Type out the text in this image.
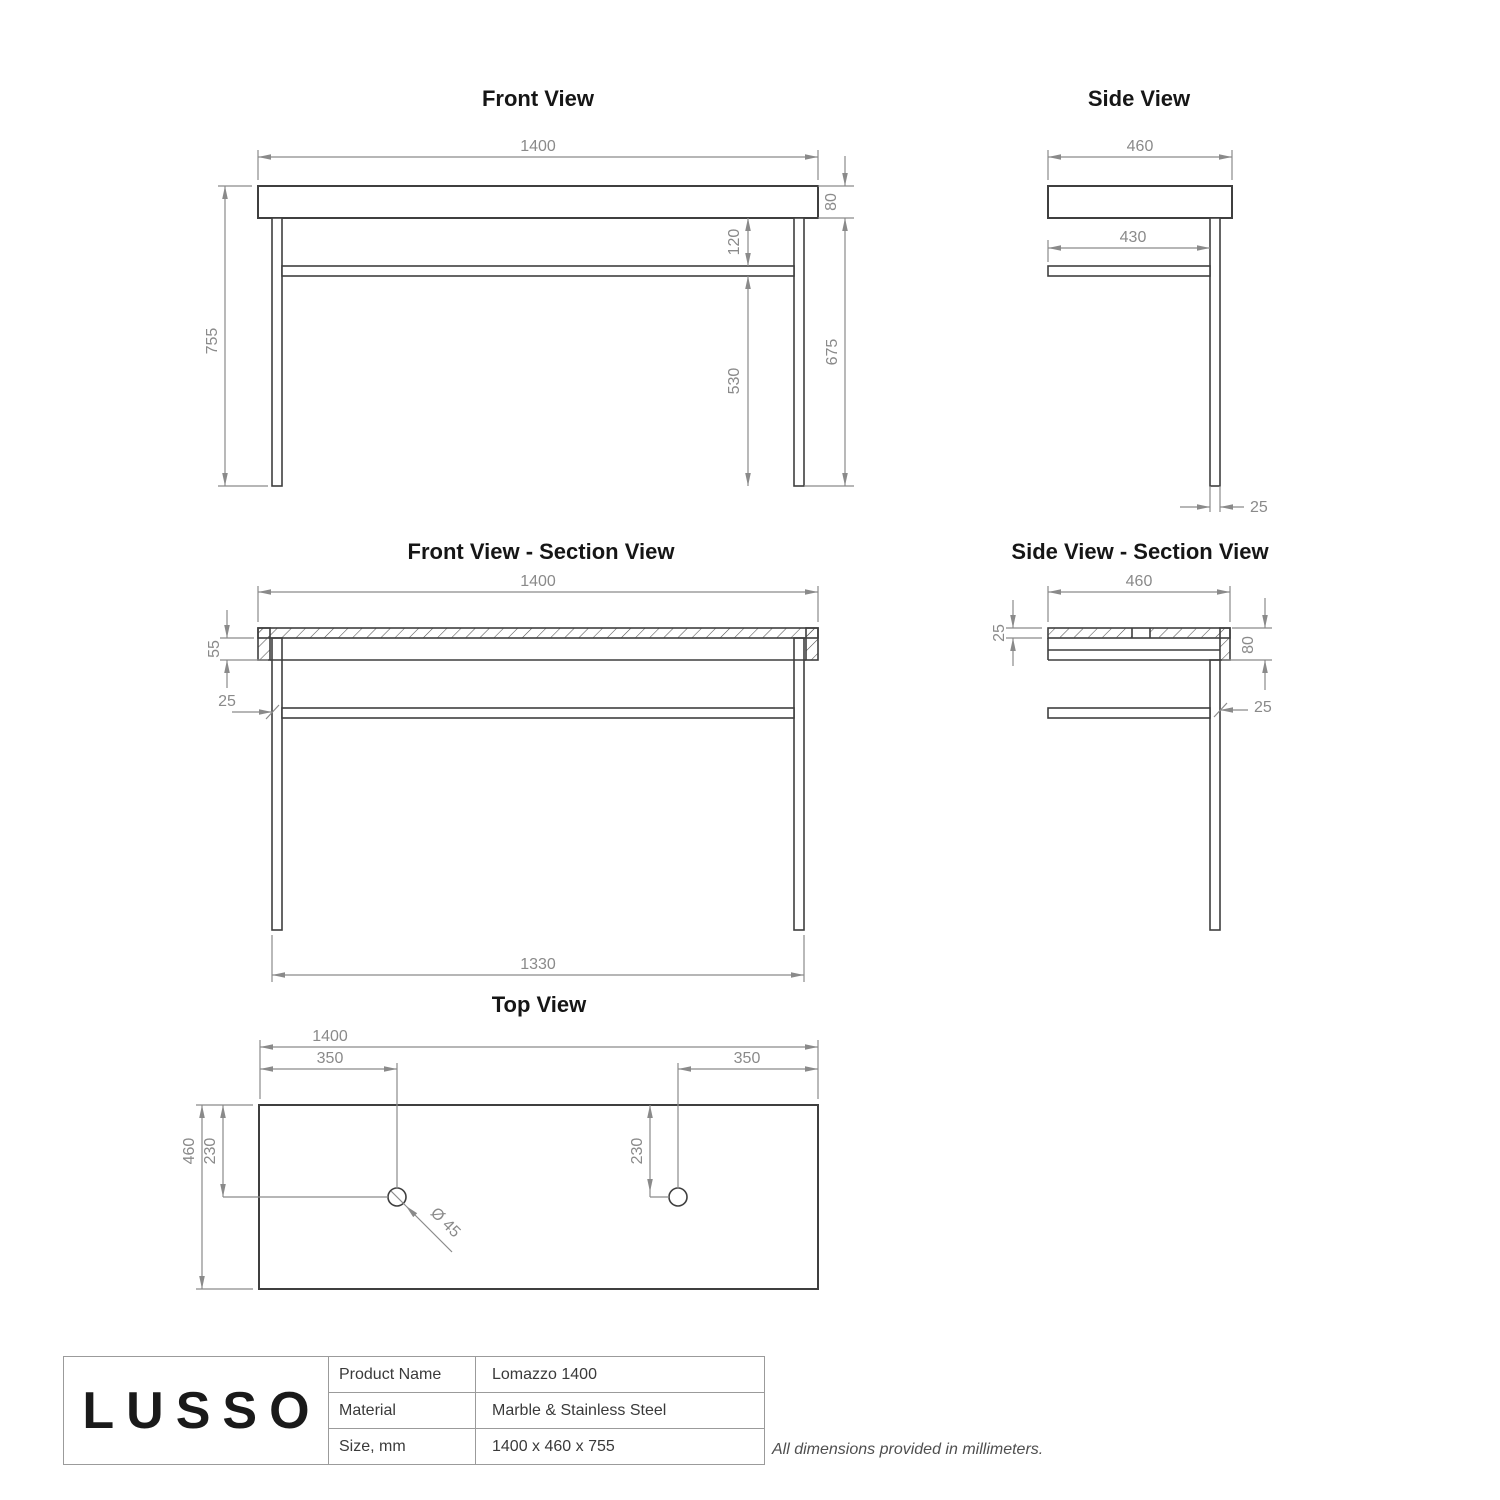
Front View
1400
755
80
675
120
530
Side View
460
430
25
Front View - Section View
1400
55
25
1330
Side View - Section View
460
25
80
25
Top View
1400
350	350
460 230	230
Ø 45
LUSSO
Product Name	Lomazzo 1400
Material	Marble & Stainless Steel
Size, mm	1400 x 460 x 755	All dimensions provided in millimeters.
